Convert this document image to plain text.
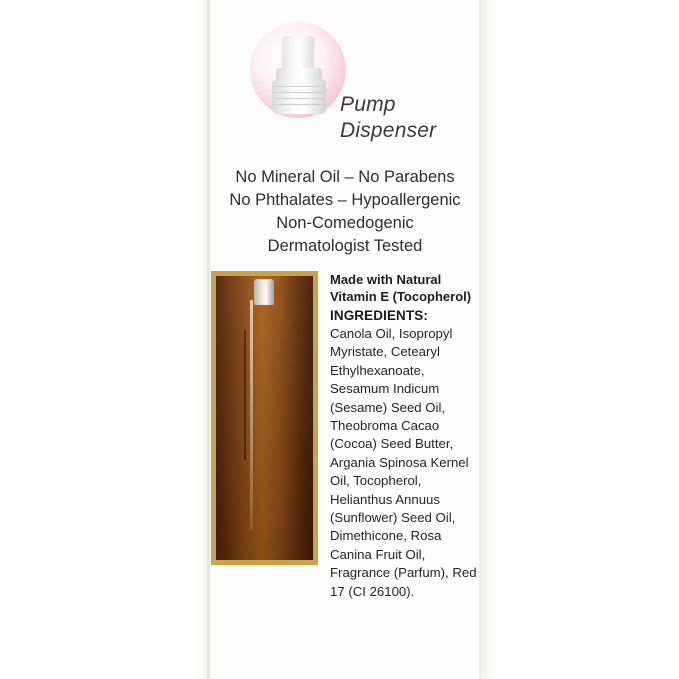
Pump
Dispenser
No Mineral Oil – No Parabens
No Phthalates – Hypoallergenic
Non-Comedogenic
Dermatologist Tested
Made with Natural
Vitamin E (Tocopherol)
INGREDIENTS:
Canola Oil, Isopropyl Myristate, Cetearyl Ethylhexanoate, Sesamum Indicum (Sesame) Seed Oil, Theobroma Cacao (Cocoa) Seed Butter, Argania Spinosa Kernel Oil, Tocopherol, Helianthus Annuus (Sunflower) Seed Oil, Dimethicone, Rosa Canina Fruit Oil, Fragrance (Parfum), Red 17 (CI 26100).
